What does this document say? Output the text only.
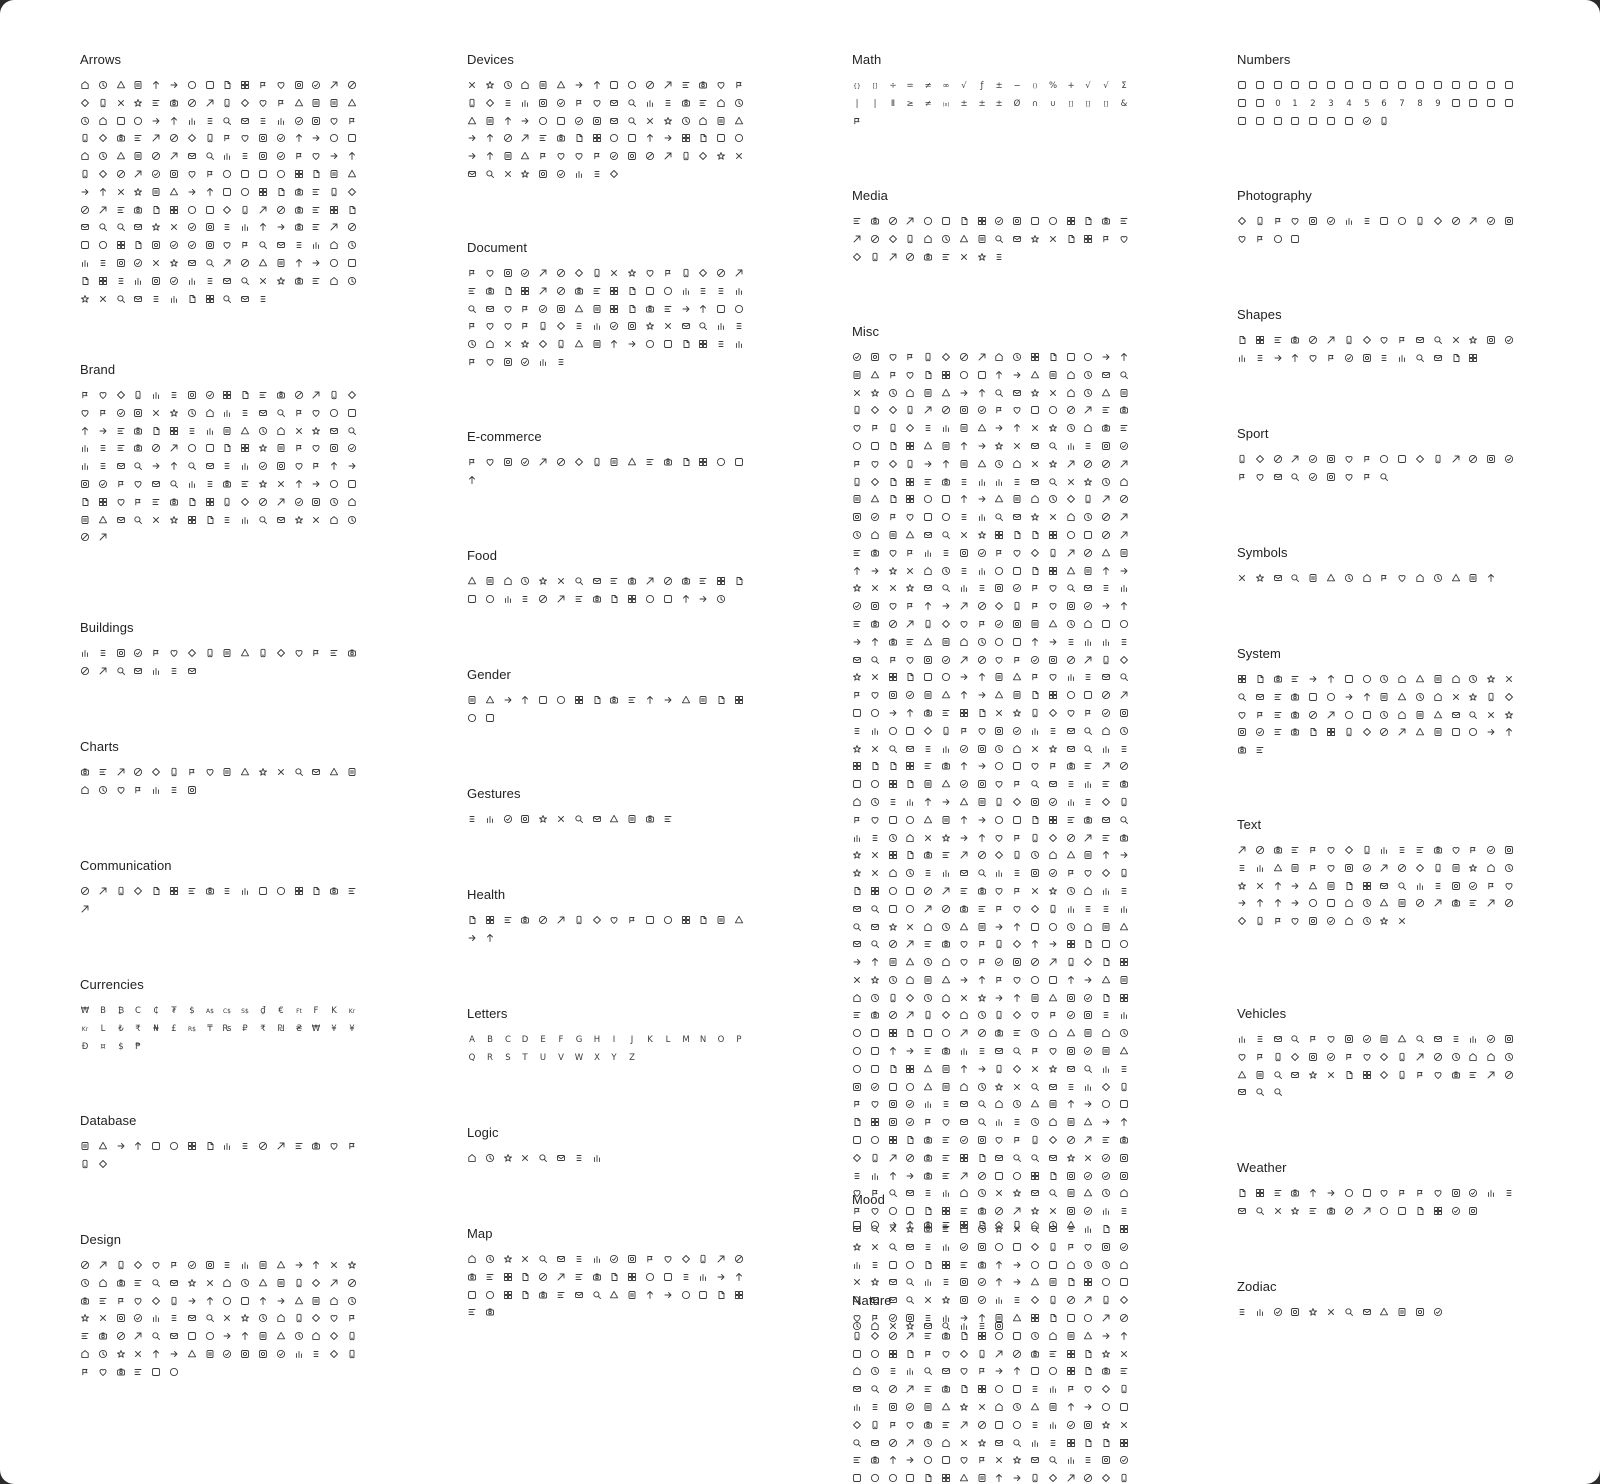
Arrows
Brand
Buildings
Charts
Communication
Currencies
₩ B ₿ C ₵ ₮ $ A$ C$ S$ ₫ € Ft F K Kr
Kr L ₺ ₹ ₦ £ R$ ₸ ₨ ₽ ₹ ₪ ₴ ₩ ¥ ¥
Đ ¤ $ ₱
Database
Design
Devices
Document
E-commerce
Food
Gender
Gestures
Health
Letters
A B C D E F G H I J K L M N O P
Q R S T U V W X Y Z
Logic
Map
Math
{} [] ÷ = ≠ ∞ √ ƒ ± − () % + √ √ Σ
| | Ⅱ ≥ ≠ (x) ± ± ± Ø ∩ ∪ [] [] [] &
Media
Misc
Mood
Nature
Numbers
0 1 2 3 4 5 6 7 8 9
Photography
Shapes
Sport
Symbols
System
Text
Vehicles
Weather
Zodiac
